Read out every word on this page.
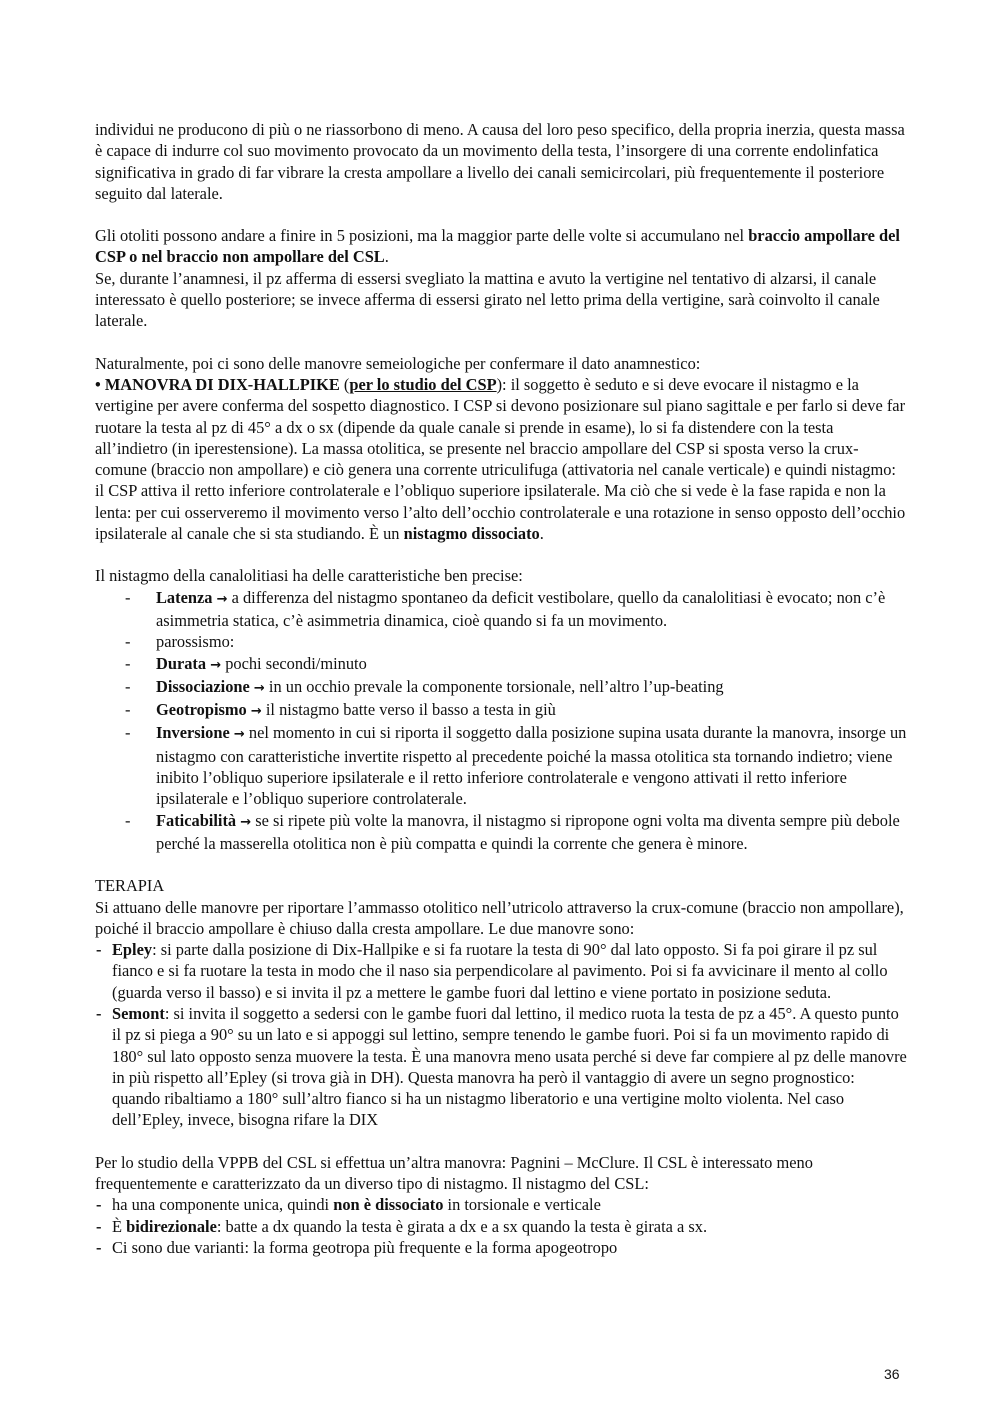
individui ne producono di più o ne riassorbono di meno. A causa del loro peso specifico, della propria inerzia, questa massa è capace di indurre col suo movimento provocato da un movimento della testa, l’insorgere di una corrente endolinfatica significativa in grado di far vibrare la cresta ampollare a livello dei canali semicircolari, più frequentemente il posteriore seguito dal laterale.

Gli otoliti possono andare a finire in 5 posizioni, ma la maggior parte delle volte si accumulano nel braccio ampollare del CSP o nel braccio non ampollare del CSL.

Se, durante l’anamnesi, il pz afferma di essersi svegliato la mattina e avuto la vertigine nel tentativo di alzarsi, il canale interessato è quello posteriore; se invece afferma di essersi girato nel letto prima della vertigine, sarà coinvolto il canale laterale.

Naturalmente, poi ci sono delle manovre semeiologiche per confermare il dato anamnestico:

• MANOVRA DI DIX-HALLPIKE (per lo studio del CSP): il soggetto è seduto e si deve evocare il nistagmo e la vertigine per avere conferma del sospetto diagnostico. I CSP si devono posizionare sul piano sagittale e per farlo si deve far ruotare la testa al pz di 45° a dx o sx (dipende da quale canale si prende in esame), lo si fa distendere con la testa all’indietro (in iperestensione). La massa otolitica, se presente nel braccio ampollare del CSP si sposta verso la crux-comune (braccio non ampollare) e ciò genera una corrente utriculifuga (attivatoria nel canale verticale) e quindi nistagmo: il CSP attiva il retto inferiore controlaterale e l’obliquo superiore ipsilaterale. Ma ciò che si vede è la fase rapida e non la lenta: per cui osserveremo il movimento verso l’alto dell’occhio controlaterale e una rotazione in senso opposto dell’occhio ipsilaterale al canale che si sta studiando. È un nistagmo dissociato.

Il nistagmo della canalolitiasi ha delle caratteristiche ben precise:

- Latenza → a differenza del nistagmo spontaneo da deficit vestibolare, quello da canalolitiasi è evocato; non c’è asimmetria statica, c’è asimmetria dinamica, cioè quando si fa un movimento.
- parossismo:
- Durata → pochi secondi/minuto
- Dissociazione → in un occhio prevale la componente torsionale, nell’altro l’up-beating
- Geotropismo → il nistagmo batte verso il basso a testa in giù
- Inversione → nel momento in cui si riporta il soggetto dalla posizione supina usata durante la manovra, insorge un nistagmo con caratteristiche invertite rispetto al precedente poiché la massa otolitica sta tornando indietro; viene inibito l’obliquo superiore ipsilaterale e il retto inferiore controlaterale e vengono attivati il retto inferiore ipsilaterale e l’obliquo superiore controlaterale.
- Faticabilità → se si ripete più volte la manovra, il nistagmo si ripropone ogni volta ma diventa sempre più debole perché la masserella otolitica non è più compatta e quindi la corrente che genera è minore.

TERAPIA

Si attuano delle manovre per riportare l’ammasso otolitico nell’utricolo attraverso la crux-comune (braccio non ampollare), poiché il braccio ampollare è chiuso dalla cresta ampollare. Le due manovre sono:

- Epley: si parte dalla posizione di Dix-Hallpike e si fa ruotare la testa di 90° dal lato opposto. Si fa poi girare il pz sul fianco e si fa ruotare la testa in modo che il naso sia perpendicolare al pavimento. Poi si fa avvicinare il mento al collo (guarda verso il basso) e si invita il pz a mettere le gambe fuori dal lettino e viene portato in posizione seduta.
- Semont: si invita il soggetto a sedersi con le gambe fuori dal lettino, il medico ruota la testa de pz a 45°. A questo punto il pz si piega a 90° su un lato e si appoggi sul lettino, sempre tenendo le gambe fuori. Poi si fa un movimento rapido di 180° sul lato opposto senza muovere la testa. È una manovra meno usata perché si deve far compiere al pz delle manovre in più rispetto all’Epley (si trova già in DH). Questa manovra ha però il vantaggio di avere un segno prognostico: quando ribaltiamo a 180° sull’altro fianco si ha un nistagmo liberatorio e una vertigine molto violenta. Nel caso dell’Epley, invece, bisogna rifare la DIX

Per lo studio della VPPB del CSL si effettua un’altra manovra: Pagnini – McClure. Il CSL è interessato meno frequentemente e caratterizzato da un diverso tipo di nistagmo. Il nistagmo del CSL:

- ha una componente unica, quindi non è dissociato in torsionale e verticale
- È bidirezionale: batte a dx quando la testa è girata a dx e a sx quando la testa è girata a sx.
- Ci sono due varianti: la forma geotropa più frequente e la forma apogeotropo
36
